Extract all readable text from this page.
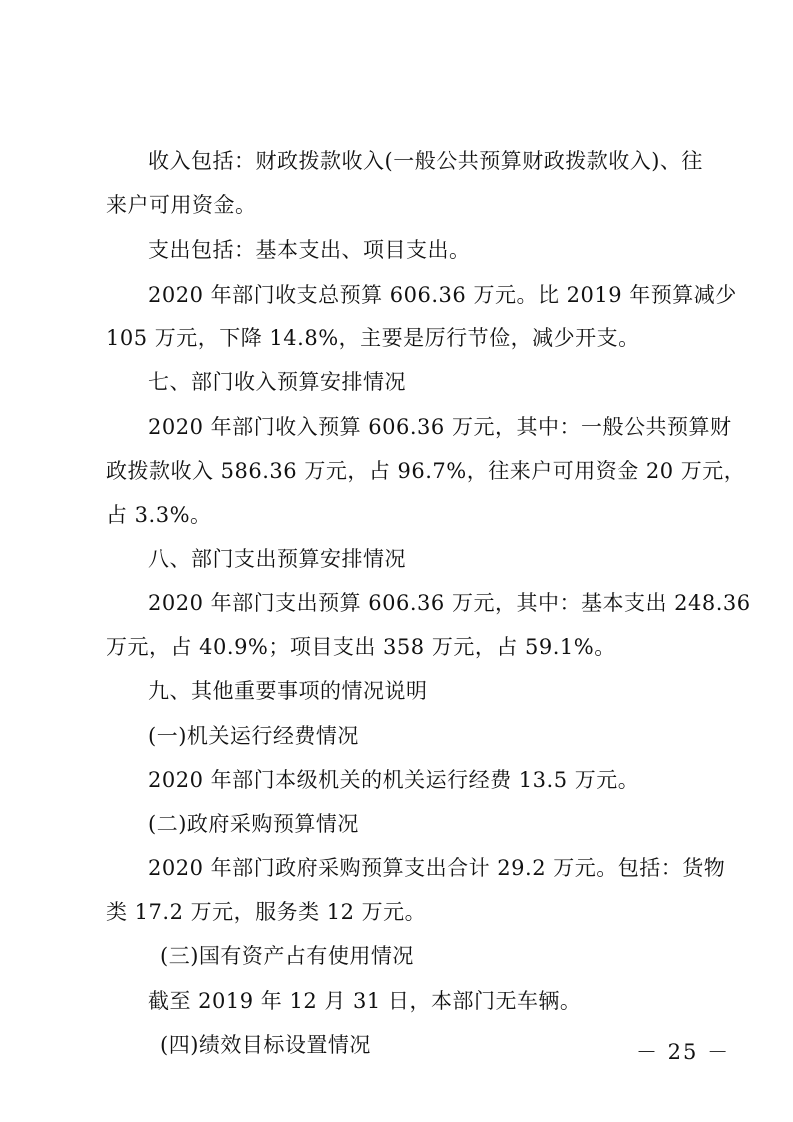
收入包括：财政拨款收入(一般公共预算财政拨款收入)、往
来户可用资金。
支出包括：基本支出、项目支出。
2020 年部门收支总预算 606.36 万元。比 2019 年预算减少
105 万元，下降 14.8%，主要是厉行节俭，减少开支。
七、部门收入预算安排情况
2020 年部门收入预算 606.36 万元，其中：一般公共预算财
政拨款收入 586.36 万元，占 96.7%，往来户可用资金 20 万元，
占 3.3%。
八、部门支出预算安排情况
2020 年部门支出预算 606.36 万元，其中：基本支出 248.36
万元，占 40.9%；项目支出 358 万元，占 59.1%。
九、其他重要事项的情况说明
(一)机关运行经费情况
2020 年部门本级机关的机关运行经费 13.5 万元。
(二)政府采购预算情况
2020 年部门政府采购预算支出合计 29.2 万元。包括：货物
类 17.2 万元，服务类 12 万元。
(三)国有资产占有使用情况
截至 2019 年 12 月 31 日，本部门无车辆。
(四)绩效目标设置情况	－ 25 －
